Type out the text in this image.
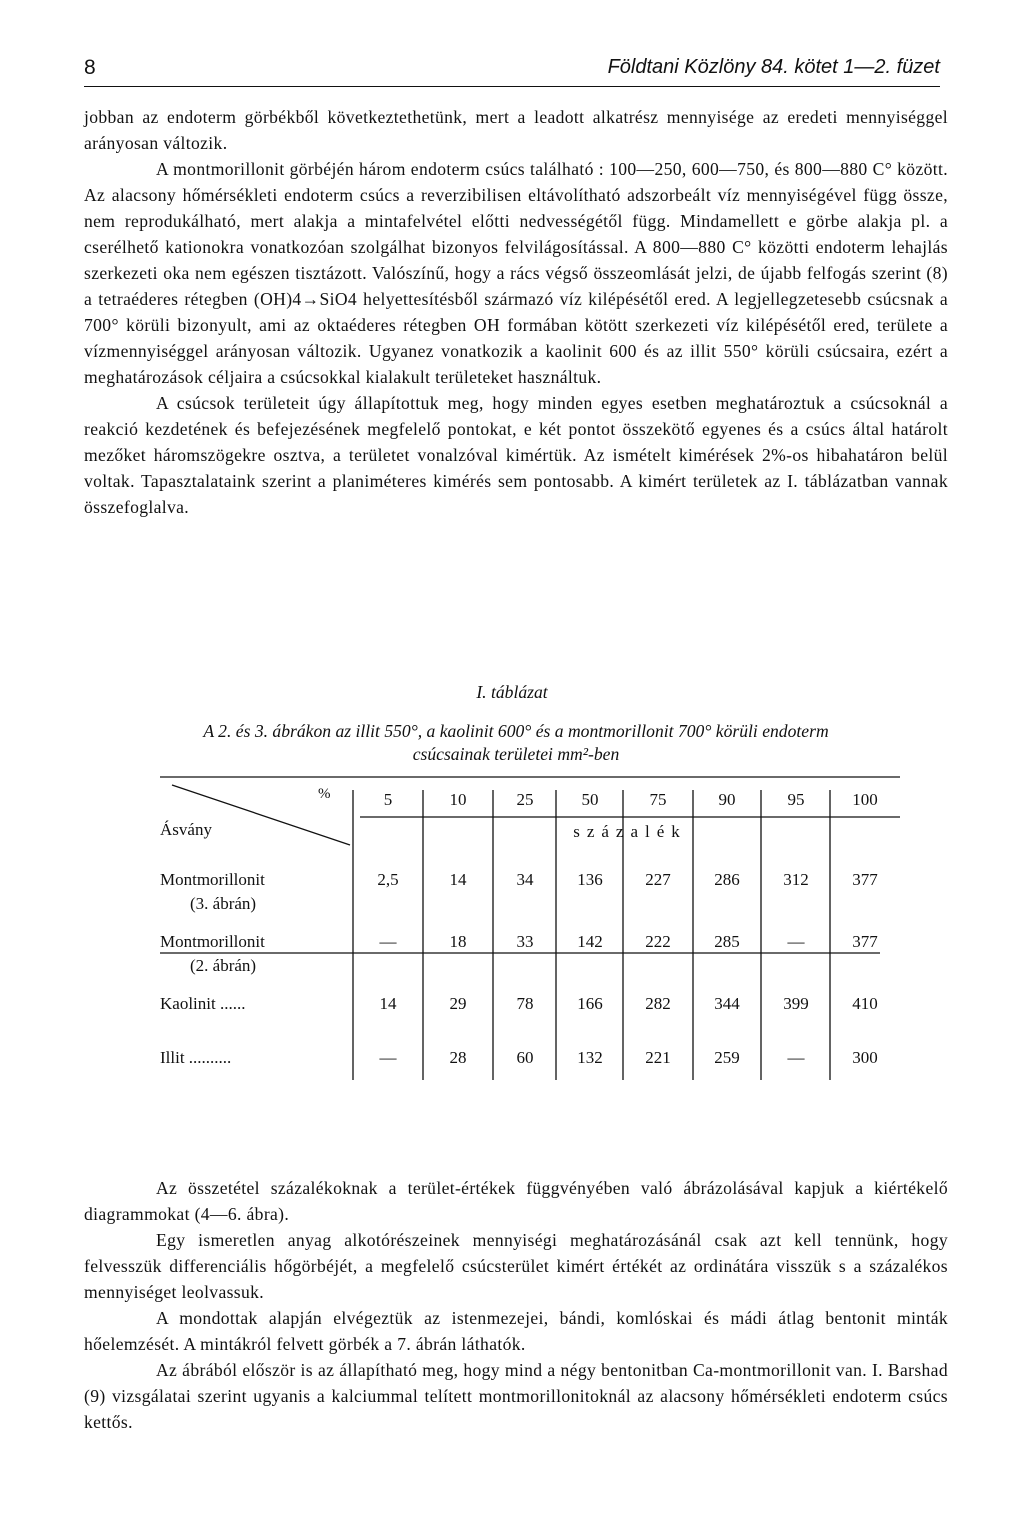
8	Földtani Közlöny 84. kötet 1—2. füzet

jobban az endoterm görbékből következtethetünk, mert a leadott alkatrész mennyisége az eredeti mennyiséggel arányosan változik.

A montmorillonit görbéjén három endoterm csúcs található : 100—250, 600—750, és 800—880 C° között. Az alacsony hőmérsékleti endoterm csúcs a reverzibilisen eltávolítható adszorbeált víz mennyiségével függ össze, nem reprodukálható, mert alakja a mintafelvétel előtti nedvességétől függ. Mindamellett e görbe alakja pl. a cserélhető kationokra vonatkozóan szolgálhat bizonyos felvilágosítással. A 800—880 C° közötti endoterm lehajlás szerkezeti oka nem egészen tisztázott. Valószínű, hogy a rács végső összeomlását jelzi, de újabb felfogás szerint (8) a tetraéderes rétegben (OH)4→SiO4 helyettesítésből származó víz kilépésétől ered. A legjellegzetesebb csúcsnak a 700° körüli bizonyult, ami az oktaéderes rétegben OH formában kötött szerkezeti víz kilépésétől ered, területe a vízmennyiséggel arányosan változik. Ugyanez vonatkozik a kaolinit 600 és az illit 550° körüli csúcsaira, ezért a meghatározások céljaira a csúcsokkal kialakult területeket használtuk.

A csúcsok területeit úgy állapítottuk meg, hogy minden egyes esetben meghatároztuk a csúcsoknál a reakció kezdetének és befejezésének megfelelő pontokat, e két pontot összekötő egyenes és a csúcs által határolt mezőket háromszögekre osztva, a területet vonalzóval kimértük. Az ismételt kimérések 2%-os hibahatáron belül voltak. Tapasztalataink szerint a planiméteres kimérés sem pontosabb. A kimért területek az I. táblázatban vannak összefoglalva.

I. táblázat
A 2. és 3. ábrákon az illit 550°, a kaolinit 600° és a montmorillonit 700° körüli endoterm
csúcsainak területei mm²-ben
%
Ásvány
5	10	25	50	75	90	95	100
százalék
Montmorillonit
(3. ábrán)
2,5	14	34	136	227	286	312	377
Montmorillonit
(2. ábrán)
—	18	33	142	222	285	—	377
Kaolinit ......	14	29	78	166	282	344	399	410
Illit ..........	—	28	60	132	221	259	—	300

Az összetétel százalékoknak a terület-értékek függvényében való ábrázolásával kapjuk a kiértékelő diagrammokat (4—6. ábra).

Egy ismeretlen anyag alkotórészeinek mennyiségi meghatározásánál csak azt kell tennünk, hogy felvesszük differenciális hőgörbéjét, a megfelelő csúcsterület kimért értékét az ordinátára visszük s a százalékos mennyiséget leolvassuk.

A mondottak alapján elvégeztük az istenmezejei, bándi, komlóskai és mádi átlag bentonit minták hőelemzését. A mintákról felvett görbék a 7. ábrán láthatók.

Az ábrából először is az állapítható meg, hogy mind a négy bentonitban Ca-montmorillonit van. I. Barshad (9) vizsgálatai szerint ugyanis a kalciummal telített montmorillonitoknál az alacsony hőmérsékleti endoterm csúcs kettős.
